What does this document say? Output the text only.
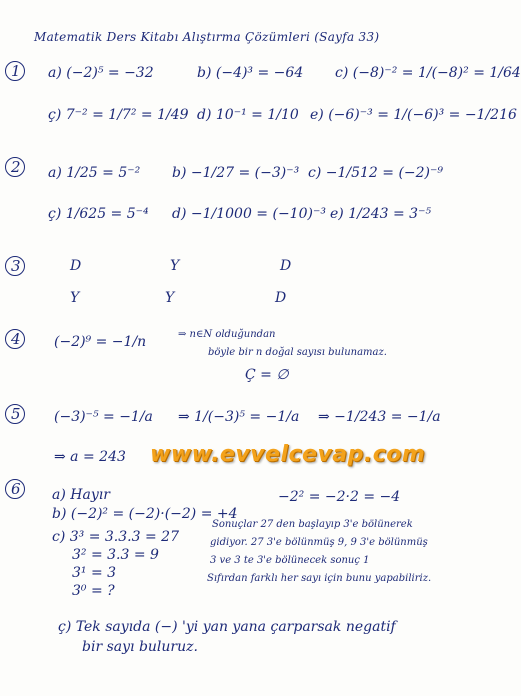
Matematik Ders Kitabı Alıştırma Çözümleri (Sayfa 33)
1
2
3
4
5
6
a) (−2)⁵ = −32	b) (−4)³ = −64 c) (−8)⁻² = 1/(−8)² = 1/64
ç) 7⁻² = 1/7² = 1/49 d) 10⁻¹ = 1/10 e) (−6)⁻³ = 1/(−6)³ = −1/216
a) 1/25 = 5⁻² b) −1/27 = (−3)⁻³ c) −1/512 = (−2)⁻⁹
ç) 1/625 = 5⁻⁴ d) −1/1000 = (−10)⁻³ e) 1/243 = 3⁻⁵
D	Y	D
Y	Y	D
(−2)⁹ = −1/n	⇒ n∈N olduğundan
böyle bir n doğal sayısı bulunamaz.
Ç = ∅
(−3)⁻⁵ = −1/a ⇒ 1/(−3)⁵ = −1/a ⇒ −1/243 = −1/a
⇒ a = 243 www.evvelcevap.com
a) Hayır
b) (−2)² = (−2)·(−2) = +4
−2² = −2·2 = −4
c) 3³ = 3.3.3 = 27
3² = 3.3 = 9
3¹ = 3
3⁰ = ?
Sonuçlar 27 den başlayıp 3'e bölünerek
gidiyor. 27 3'e bölünmüş 9, 9 3'e bölünmüş
3 ve 3 te 3'e bölünecek sonuç 1
Sıfırdan farklı her sayı için bunu yapabiliriz.
ç) Tek sayıda (−) 'yi yan yana çarparsak negatif
bir sayı buluruz.
